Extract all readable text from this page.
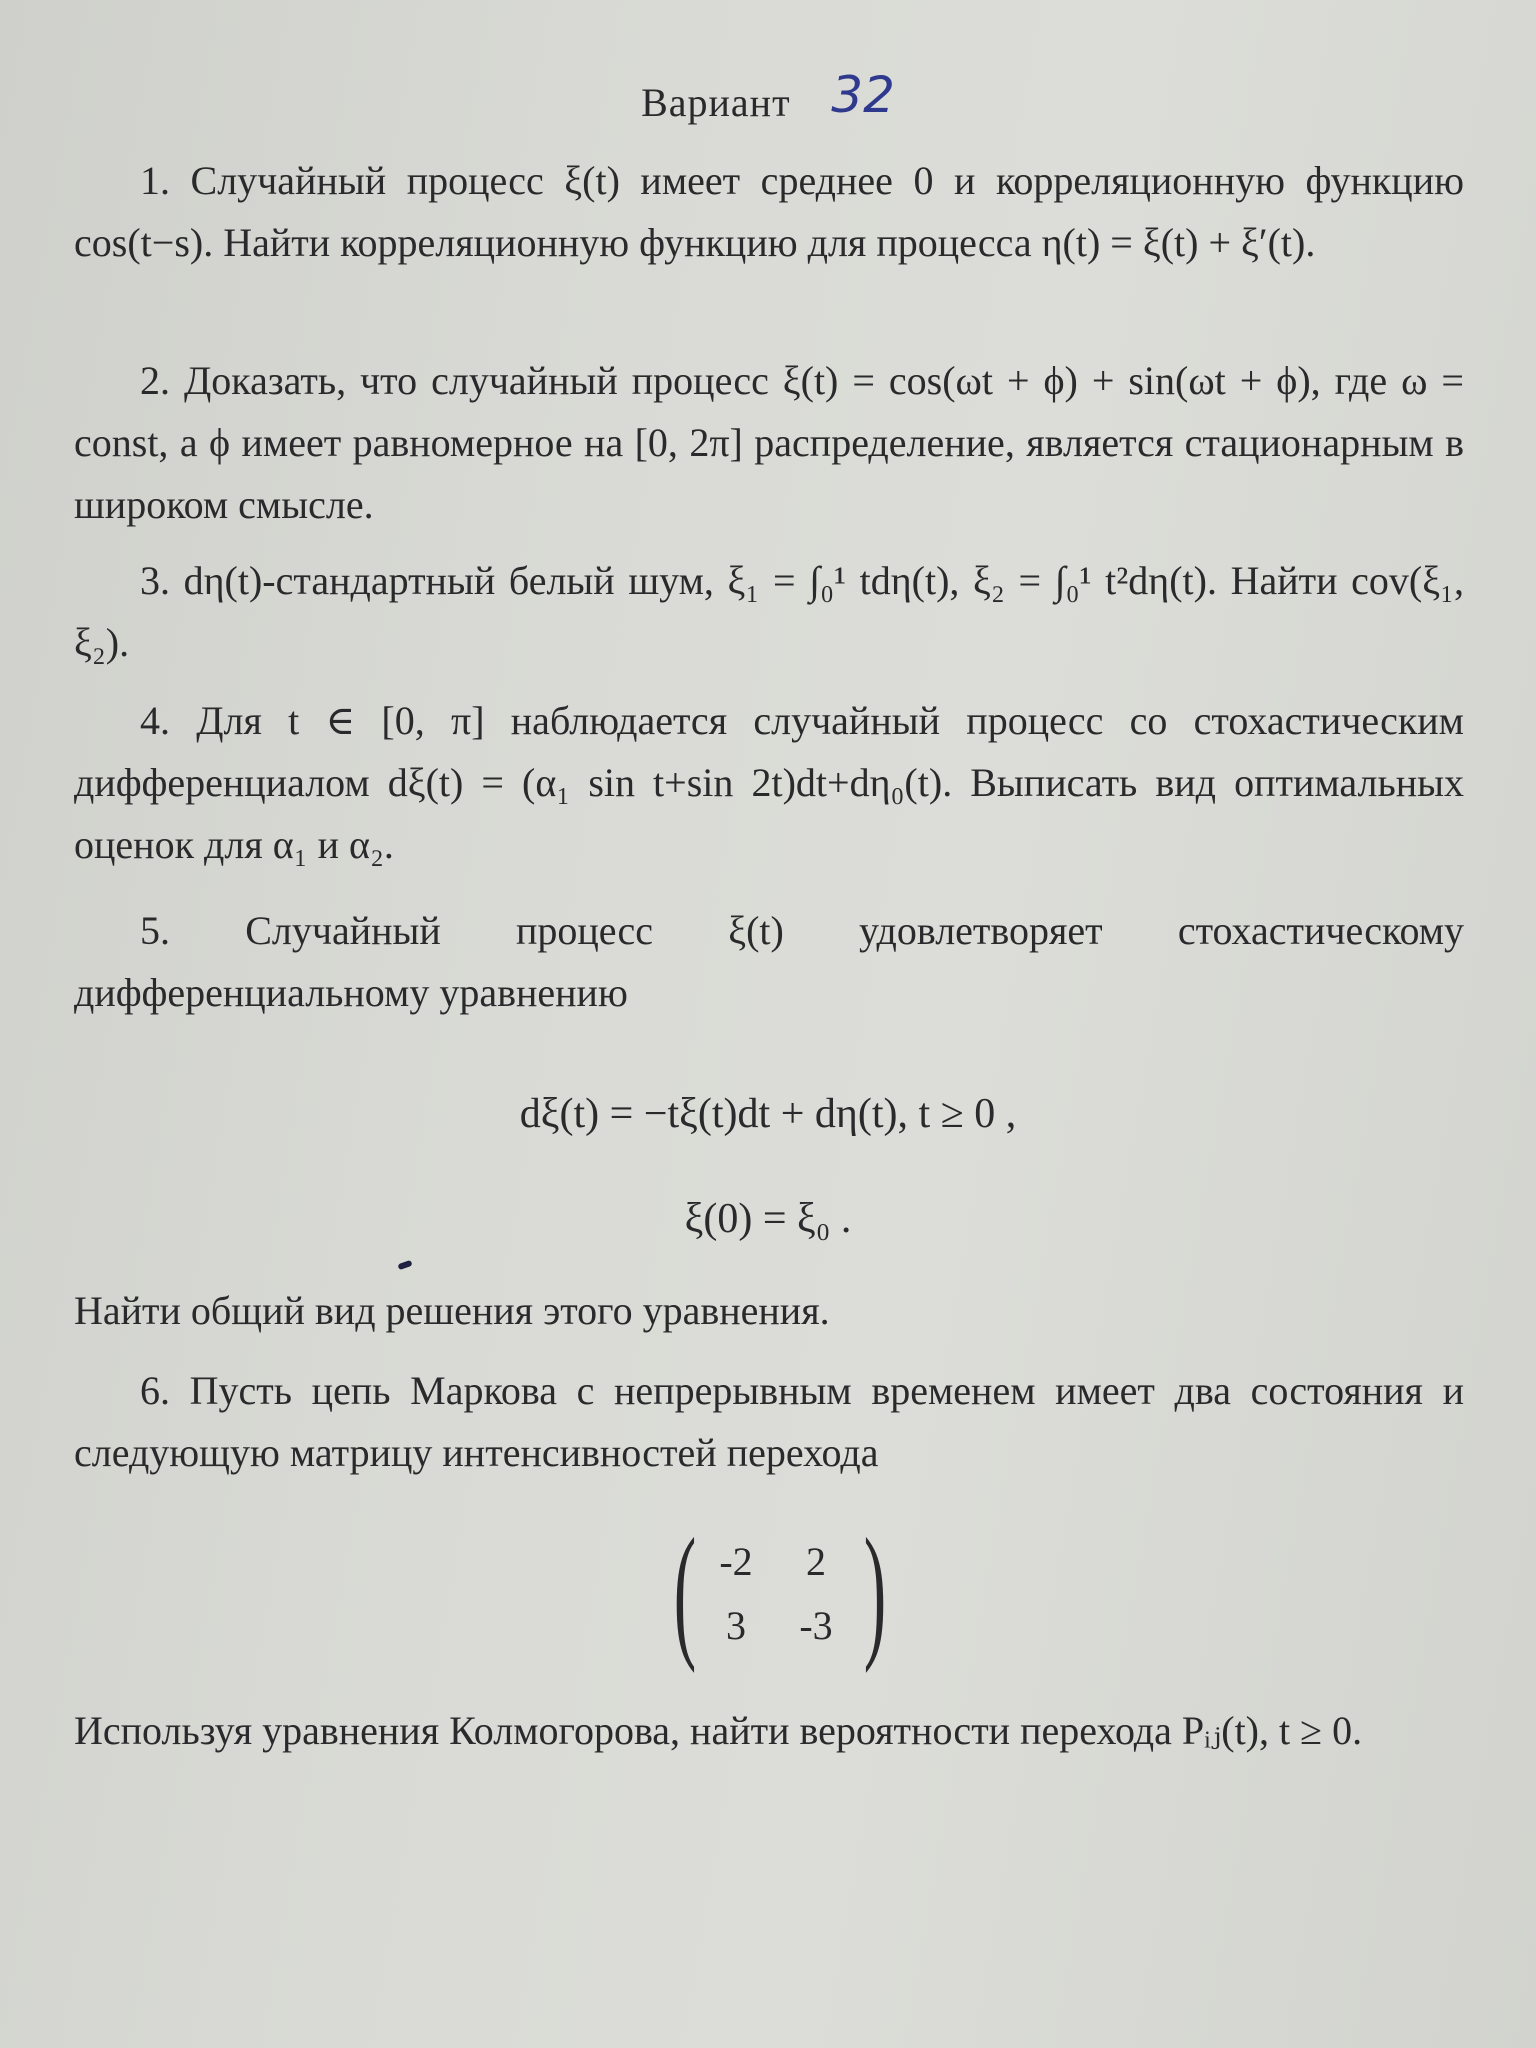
Вариант 32
1. Случайный процесс ξ(t) имеет среднее 0 и корреляционную функцию cos(t−s). Найти корреляционную функцию для процесса η(t) = ξ(t) + ξ′(t).
2. Доказать, что случайный процесс ξ(t) = cos(ωt + ϕ) + sin(ωt + ϕ), где ω = const, а ϕ имеет равномерное на [0, 2π] распределение, является стационарным в широком смысле.
3. dη(t)-стандартный белый шум, ξ₁ = ∫₀¹ tdη(t), ξ₂ = ∫₀¹ t²dη(t). Найти cov(ξ₁, ξ₂).
4. Для t ∈ [0, π] наблюдается случайный процесс со стохастическим дифференциалом dξ(t) = (α₁ sin t+sin 2t)dt+dη₀(t). Выписать вид оптимальных оценок для α₁ и α₂.
5. Случайный процесс ξ(t) удовлетворяет стохастическому дифференциальному уравнению
dξ(t) = −tξ(t)dt + dη(t), t ≥ 0 ,
ξ(0) = ξ₀ .
Найти общий вид решения этого уравнения.
6. Пусть цепь Маркова с непрерывным временем имеет два состояния и следующую матрицу интенсивностей перехода
( -2	2
3	-3 )
Используя уравнения Колмогорова, найти вероятности перехода Pᵢⱼ(t), t ≥ 0.
